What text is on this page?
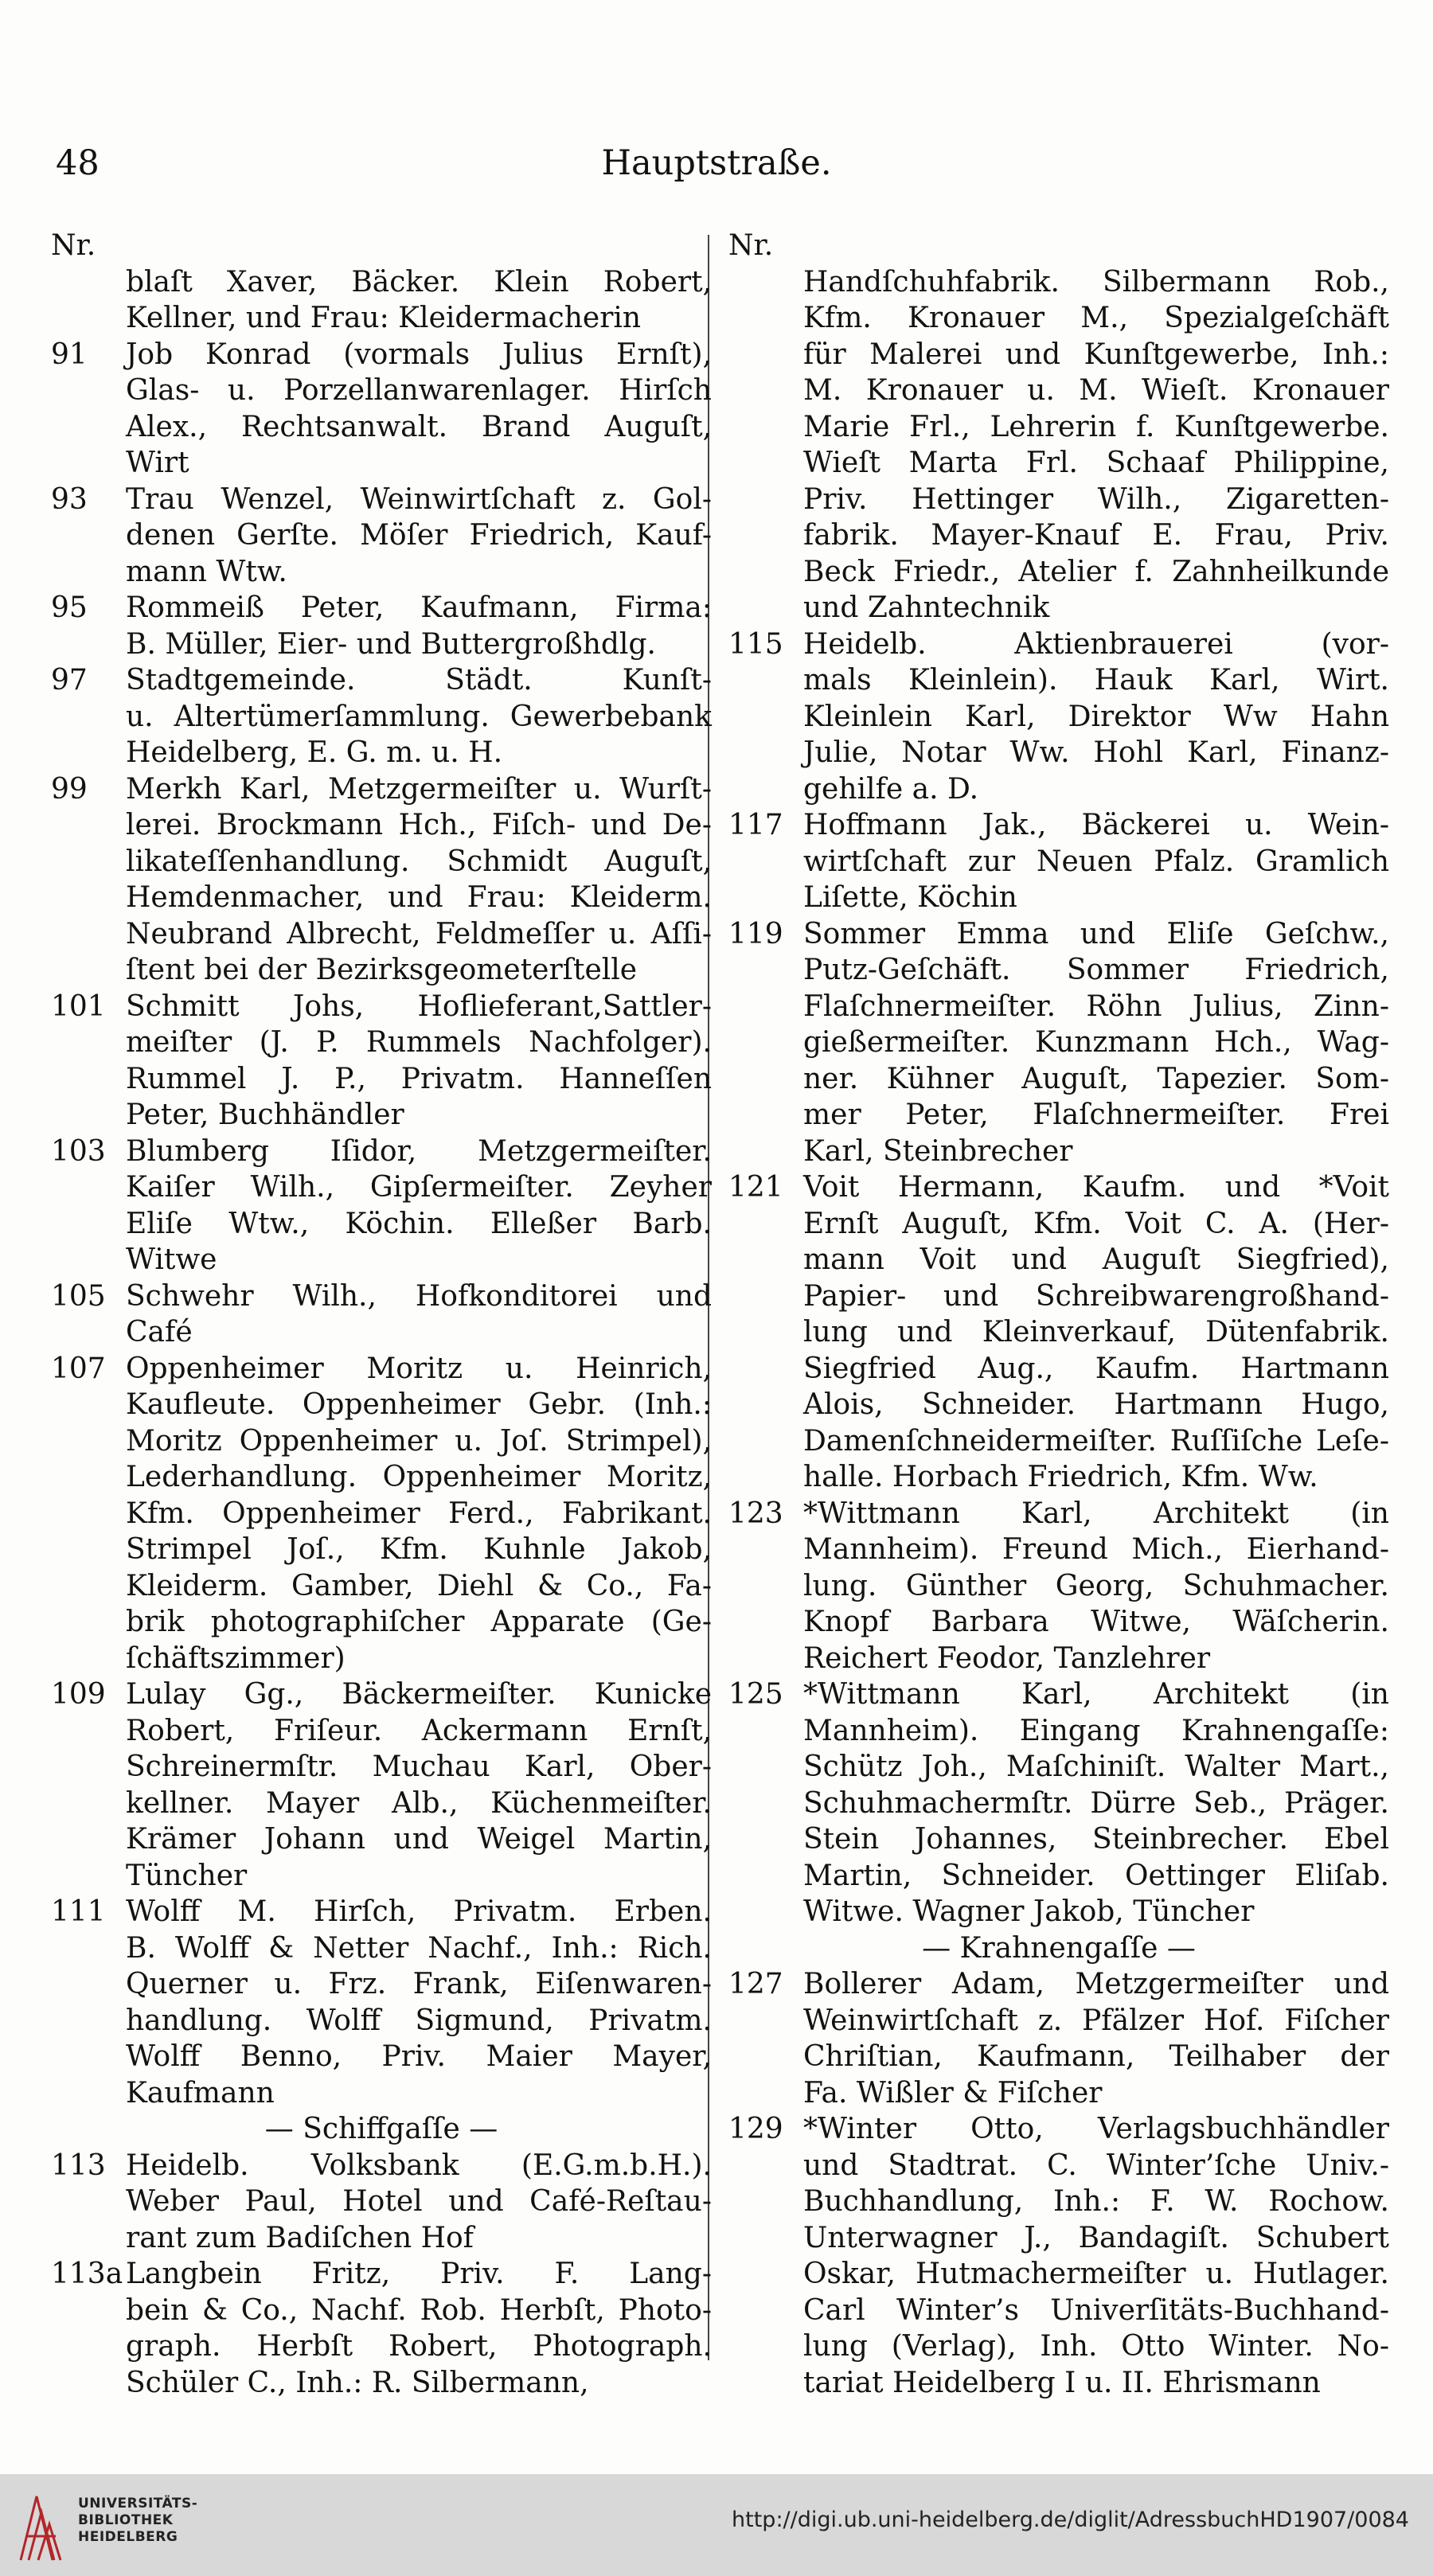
48	Hauptstraße.
Nr.
blaſt Xaver, Bäcker. Klein Robert,
Kellner, und Frau: Kleidermacherin
91	Job Konrad (vormals Julius Ernſt),
Glas- u. Porzellanwarenlager. Hirſch
Alex., Rechtsanwalt. Brand Auguſt,
Wirt
93	Trau Wenzel, Weinwirtſchaft z. Gol-
denen Gerſte. Möſer Friedrich, Kauf-
mann Wtw.
95	Rommeiß Peter, Kaufmann, Firma:
B. Müller, Eier- und Buttergroßhdlg.
97	Stadtgemeinde. Städt. Kunſt-
u. Altertümerſammlung. Gewerbebank
Heidelberg, E. G. m. u. H.
99	Merkh Karl, Metzgermeiſter u. Wurſt-
lerei. Brockmann Hch., Fiſch- und De-
likateſſenhandlung. Schmidt Auguſt,
Hemdenmacher, und Frau: Kleiderm.
Neubrand Albrecht, Feldmeſſer u. Aſſi-
ſtent bei der Bezirksgeometerſtelle
101 Schmitt Johs, Hoflieferant,Sattler-
meiſter (J. P. Rummels Nachfolger).
Rummel J. P., Privatm. Hanneſſen
Peter, Buchhändler
103 Blumberg Iſidor, Metzgermeiſter.
Kaiſer Wilh., Gipſermeiſter. Zeyher
Eliſe Wtw., Köchin. Elleßer Barb.
Witwe
105 Schwehr Wilh., Hofkonditorei und
Café
107 Oppenheimer Moritz u. Heinrich,
Kaufleute. Oppenheimer Gebr. (Inh.:
Moritz Oppenheimer u. Joſ. Strimpel),
Lederhandlung. Oppenheimer Moritz,
Kfm. Oppenheimer Ferd., Fabrikant.
Strimpel Joſ., Kfm. Kuhnle Jakob,
Kleiderm. Gamber, Diehl & Co., Fa-
brik photographiſcher Apparate (Ge-
ſchäftszimmer)
109 Lulay Gg., Bäckermeiſter. Kunicke
Robert, Friſeur. Ackermann Ernſt,
Schreinermſtr. Muchau Karl, Ober-
kellner. Mayer Alb., Küchenmeiſter.
Krämer Johann und Weigel Martin,
Tüncher
111 Wolff M. Hirſch, Privatm. Erben.
B. Wolff & Netter Nachf., Inh.: Rich.
Querner u. Frz. Frank, Eiſenwaren-
handlung. Wolff Sigmund, Privatm.
Wolff Benno, Priv. Maier Mayer,
Kaufmann
— Schiffgaſſe —
113 Heidelb. Volksbank (E.G.m.b.H.).
Weber Paul, Hotel und Café-Reſtau-
rant zum Badiſchen Hof
113a Langbein Fritz, Priv. F. Lang-
bein & Co., Nachf. Rob. Herbſt, Photo-
graph. Herbſt Robert, Photograph.
Schüler C., Inh.: R. Silbermann,
Nr.
Handſchuhfabrik. Silbermann Rob.,
Kfm. Kronauer M., Spezialgeſchäft
für Malerei und Kunſtgewerbe, Inh.:
M. Kronauer u. M. Wieſt. Kronauer
Marie Frl., Lehrerin f. Kunſtgewerbe.
Wieſt Marta Frl. Schaaf Philippine,
Priv. Hettinger Wilh., Zigaretten-
fabrik. Mayer-Knauf E. Frau, Priv.
Beck Friedr., Atelier f. Zahnheilkunde
und Zahntechnik
115 Heidelb. Aktienbrauerei (vor-
mals Kleinlein). Hauk Karl, Wirt.
Kleinlein Karl, Direktor Ww Hahn
Julie, Notar Ww. Hohl Karl, Finanz-
gehilfe a. D.
117 Hoffmann Jak., Bäckerei u. Wein-
wirtſchaft zur Neuen Pfalz. Gramlich
Liſette, Köchin
119 Sommer Emma und Eliſe Geſchw.,
Putz-Geſchäft. Sommer Friedrich,
Flaſchnermeiſter. Röhn Julius, Zinn-
gießermeiſter. Kunzmann Hch., Wag-
ner. Kühner Auguſt, Tapezier. Som-
mer Peter, Flaſchnermeiſter. Frei
Karl, Steinbrecher
121 Voit Hermann, Kaufm. und *Voit
Ernſt Auguſt, Kfm. Voit C. A. (Her-
mann Voit und Auguſt Siegfried),
Papier- und Schreibwarengroßhand-
lung und Kleinverkauf, Dütenfabrik.
Siegfried Aug., Kaufm. Hartmann
Alois, Schneider. Hartmann Hugo,
Damenſchneidermeiſter. Ruſſiſche Leſe-
halle. Horbach Friedrich, Kfm. Ww.
123 *Wittmann Karl, Architekt (in
Mannheim). Freund Mich., Eierhand-
lung. Günther Georg, Schuhmacher.
Knopf Barbara Witwe, Wäſcherin.
Reichert Feodor, Tanzlehrer
125 *Wittmann Karl, Architekt (in
Mannheim). Eingang Krahnengaſſe:
Schütz Joh., Maſchiniſt. Walter Mart.,
Schuhmachermſtr. Dürre Seb., Präger.
Stein Johannes, Steinbrecher. Ebel
Martin, Schneider. Oettinger Eliſab.
Witwe. Wagner Jakob, Tüncher
— Krahnengaſſe —
127 Bollerer Adam, Metzgermeiſter und
Weinwirtſchaft z. Pfälzer Hof. Fiſcher
Chriſtian, Kaufmann, Teilhaber der
Fa. Wißler & Fiſcher
129 *Winter Otto, Verlagsbuchhändler
und Stadtrat. C. Winter’ſche Univ.-
Buchhandlung, Inh.: F. W. Rochow.
Unterwagner J., Bandagiſt. Schubert
Oskar, Hutmachermeiſter u. Hutlager.
Carl Winter’s Univerſitäts-Buchhand-
lung (Verlag), Inh. Otto Winter. No-
tariat Heidelberg I u. II. Ehrismann
UNIVERSITÄTS-
BIBLIOTHEK
HEIDELBERG
http://digi.ub.uni-heidelberg.de/diglit/AdressbuchHD1907/0084
